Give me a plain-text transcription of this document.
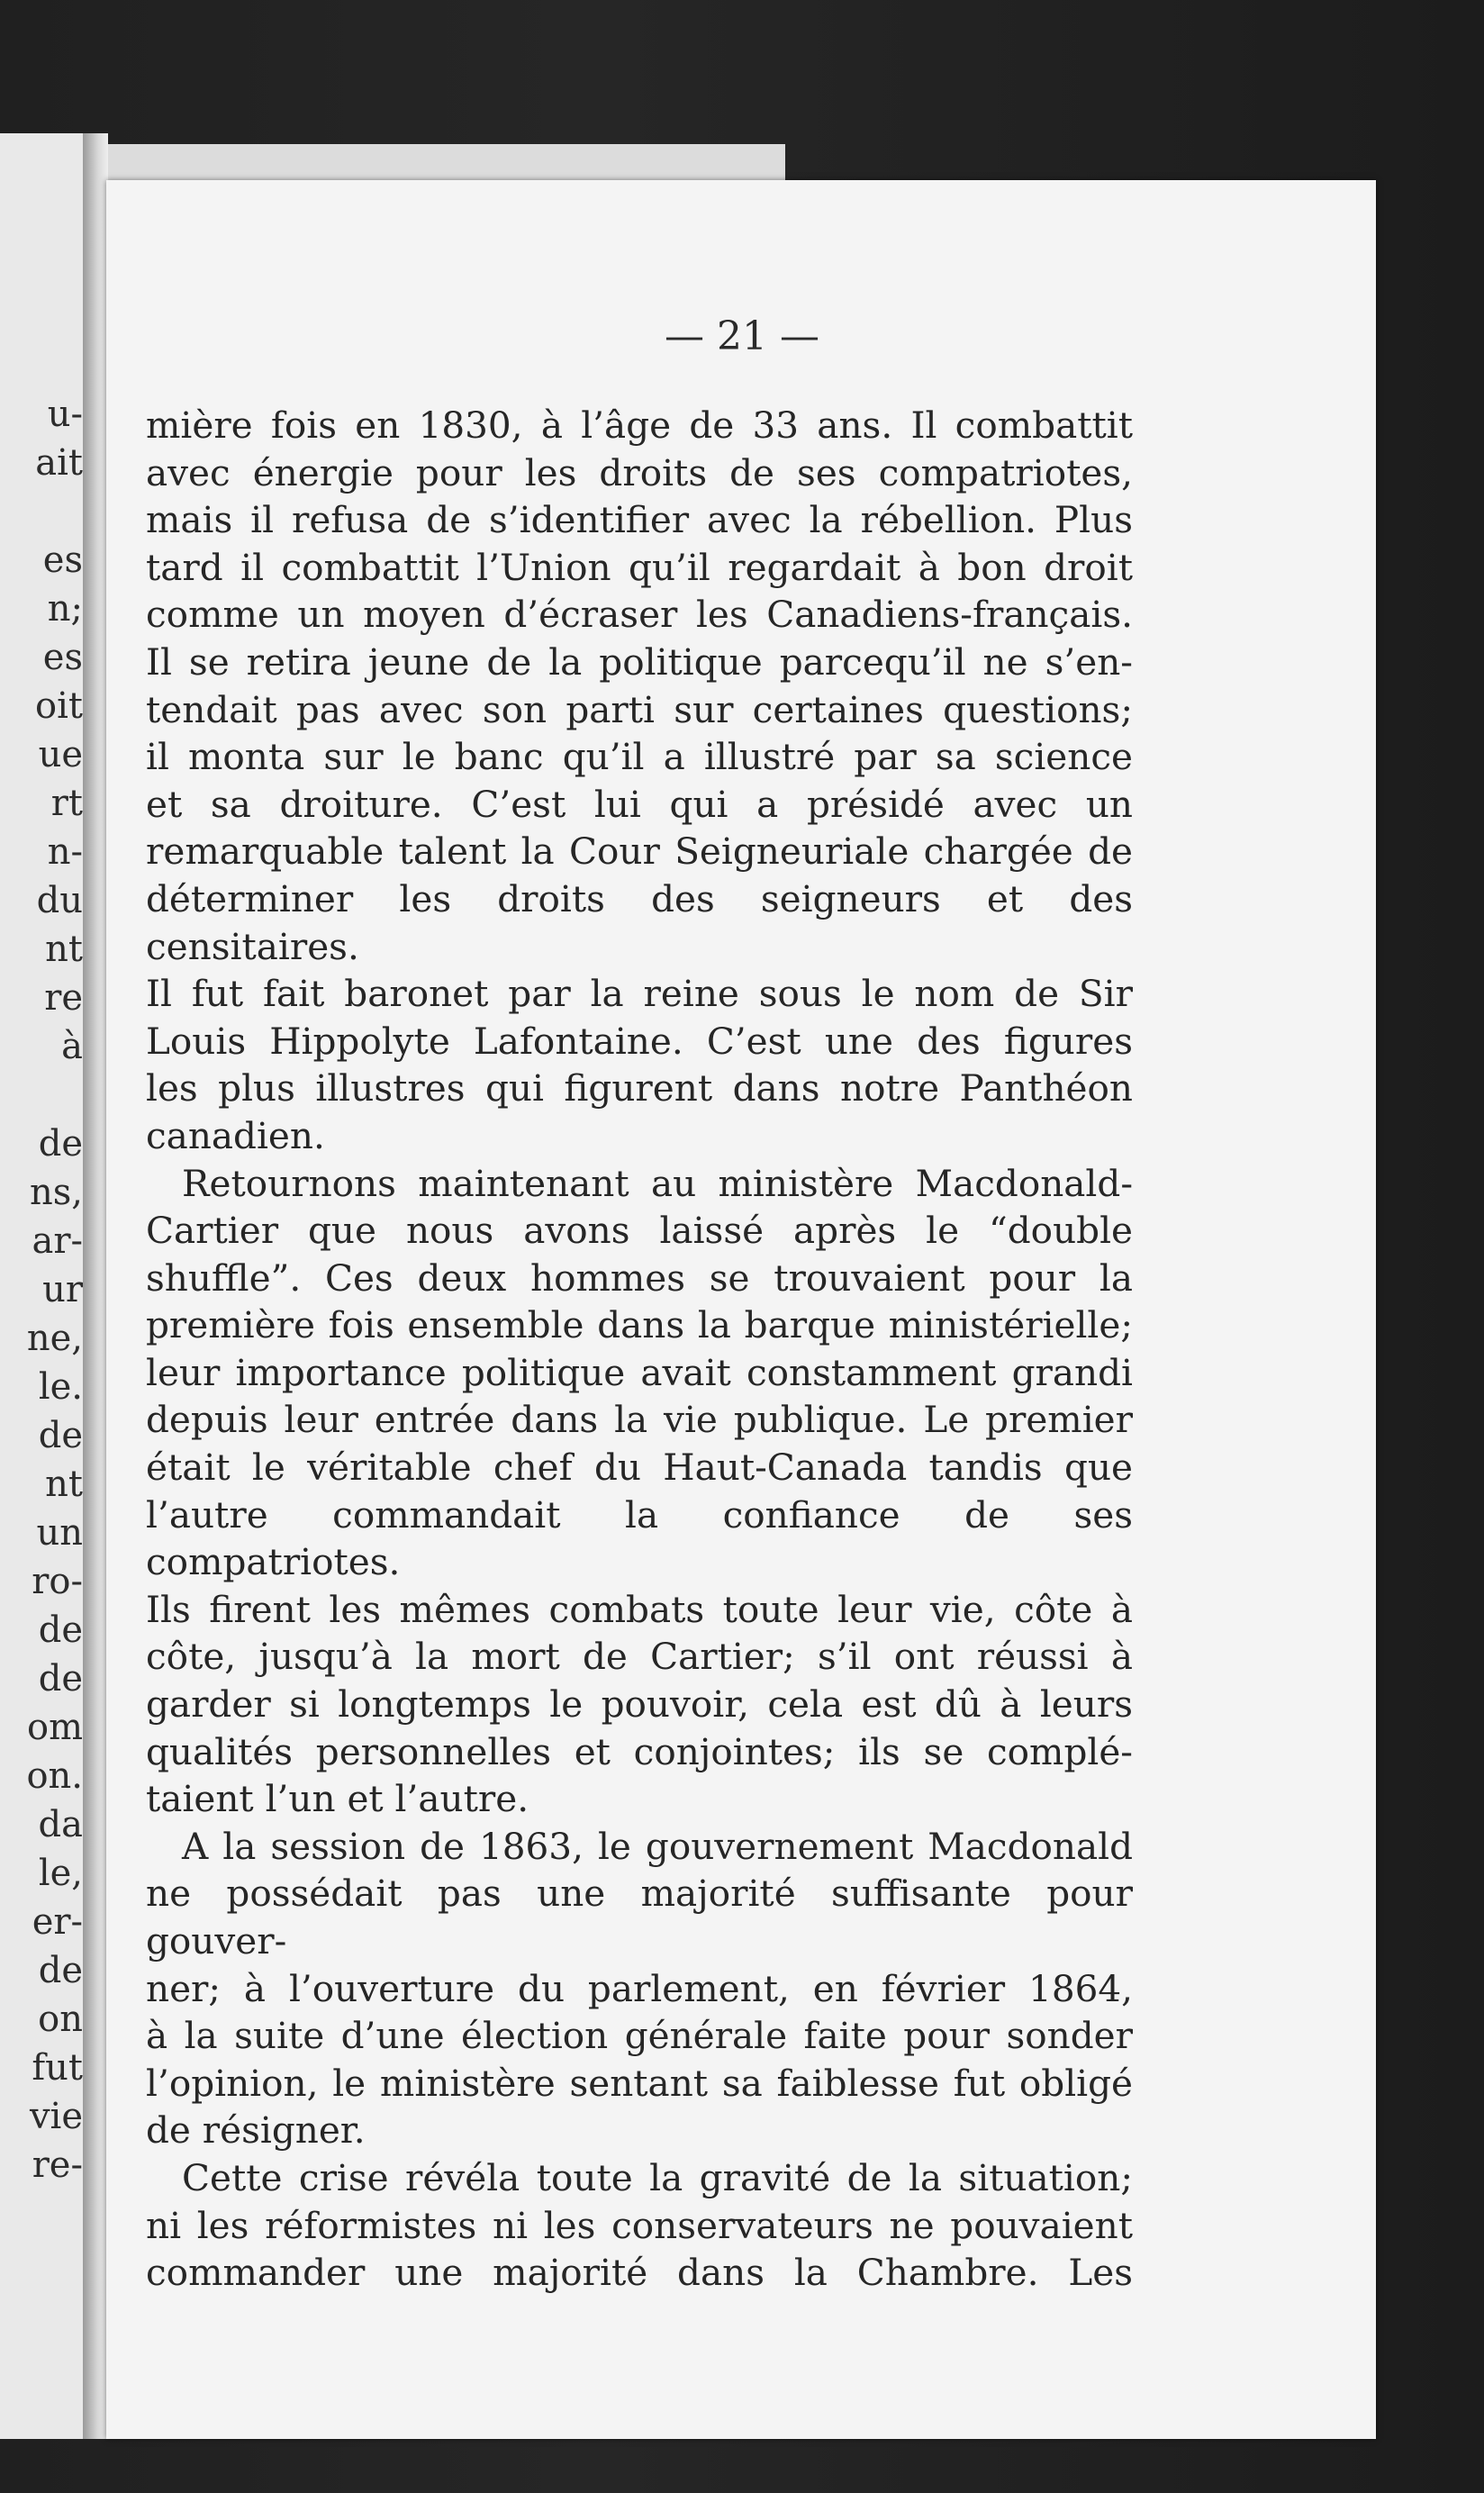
u-
ait
es
n;
es
oit
ue
rt
n-
du
nt
re
à
de
ns,
ar-
ur
ne,
le.
de
nt
un
ro-
de
de
om
on.
da
le,
er-
de
on
fut
vie
re-
— 21 —

mière fois en 1830, à l’âge de 33 ans. Il combattit
avec énergie pour les droits de ses compatriotes,
mais il refusa de s’identifier avec la rébellion. Plus
tard il combattit l’Union qu’il regardait à bon droit
comme un moyen d’écraser les Canadiens-français.
Il se retira jeune de la politique parcequ’il ne s’en-
tendait pas avec son parti sur certaines questions;
il monta sur le banc qu’il a illustré par sa science
et sa droiture. C’est lui qui a présidé avec un
remarquable talent la Cour Seigneuriale chargée de
déterminer les droits des seigneurs et des censitaires.
Il fut fait baronet par la reine sous le nom de Sir
Louis Hippolyte Lafontaine. C’est une des figures
les plus illustres qui figurent dans notre Panthéon
canadien.

Retournons maintenant au ministère Macdonald-
Cartier que nous avons laissé après le “double
shuffle”. Ces deux hommes se trouvaient pour la
première fois ensemble dans la barque ministérielle;
leur importance politique avait constamment grandi
depuis leur entrée dans la vie publique. Le premier
était le véritable chef du Haut-Canada tandis que
l’autre commandait la confiance de ses compatriotes.
Ils firent les mêmes combats toute leur vie, côte à
côte, jusqu’à la mort de Cartier; s’il ont réussi à
garder si longtemps le pouvoir, cela est dû à leurs
qualités personnelles et conjointes; ils se complé-
taient l’un et l’autre.

A la session de 1863, le gouvernement Macdonald
ne possédait pas une majorité suffisante pour gouver-
ner; à l’ouverture du parlement, en février 1864,
à la suite d’une élection générale faite pour sonder
l’opinion, le ministère sentant sa faiblesse fut obligé
de résigner.

Cette crise révéla toute la gravité de la situation;
ni les réformistes ni les conservateurs ne pouvaient
commander une majorité dans la Chambre. Les
